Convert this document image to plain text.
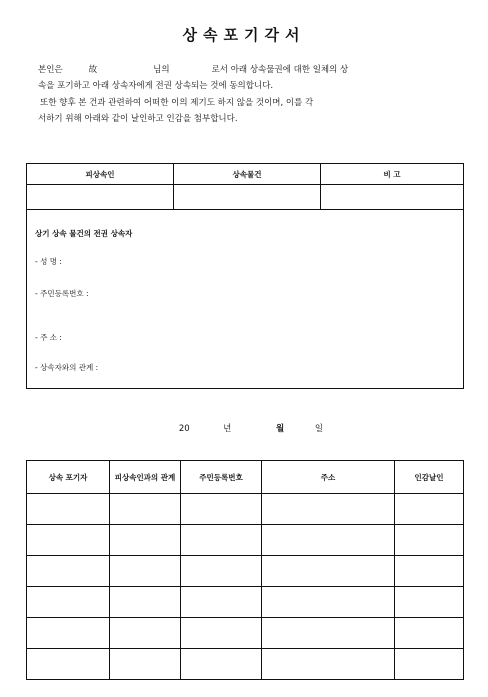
상속포기각서
본인은	故	님의	로서 아래 상속물권에 대한 일체의 상
속을 포기하고 아래 상속자에게 전권 상속되는 것에 동의합니다.
또한 향후 본 건과 관련하여 어떠한 이의 제기도 하지 않을 것이며, 이를 각
서하기 위해 아래와 같이 날인하고 인감을 첨부합니다.
피상속인	상속물건	비 고

상기 상속 물건의 전권 상속자
- 성 명 :
- 주민등록번호 :
- 주 소 :
- 상속자와의 관계 :		
20	년	월	일
상속 포기자	피상속인과의 관계	주민등록번호	주소	인감날인
